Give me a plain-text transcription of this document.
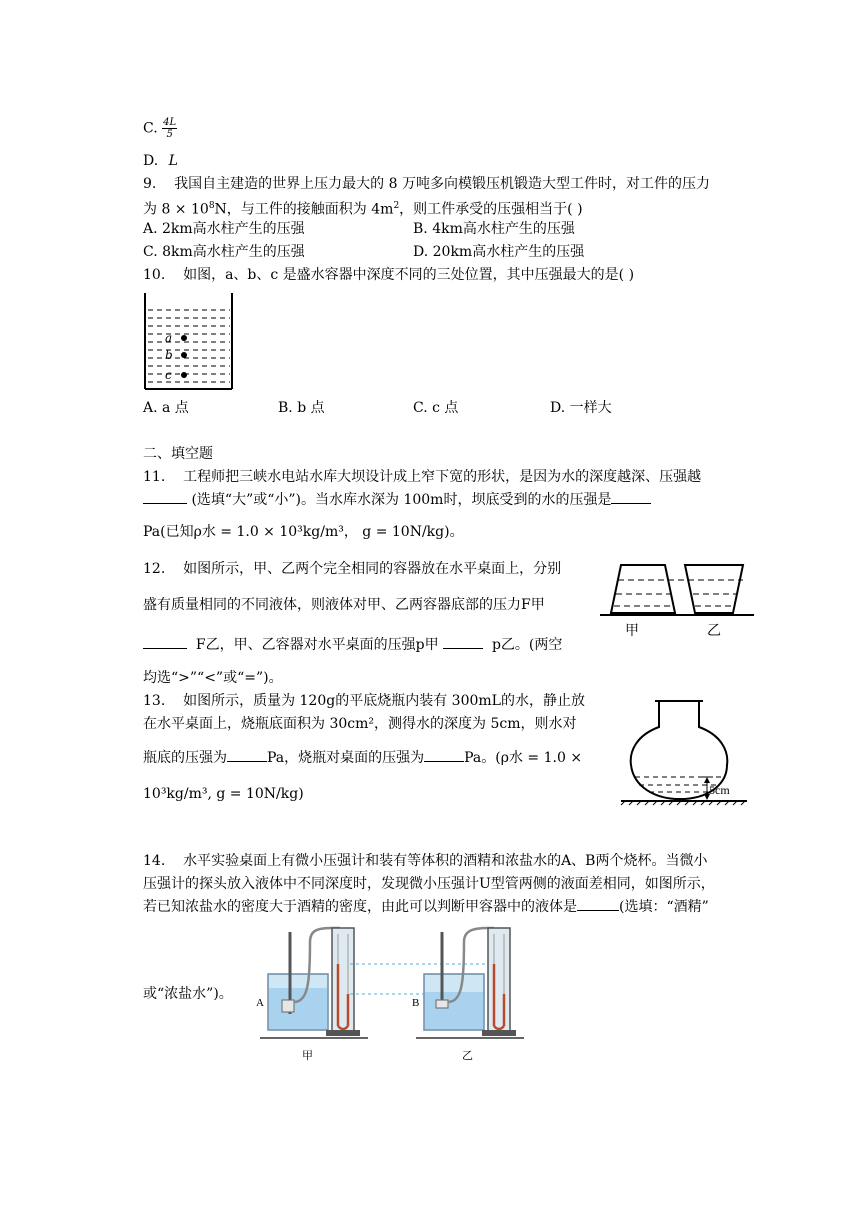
C. $\frac{4L}{5}$
D. L
9. 我国自主建造的世界上压力最大的 8 万吨多向模锻压机锻造大型工件时，对工件的压力
为 $8 \times 10^8N$，与工件的接触面积为 $4m^2$，则工件承受的压强相当于( )
A. 2km高水柱产生的压强	B. 4km高水柱产生的压强
C. 8km高水柱产生的压强	D. 20km高水柱产生的压强
10. 如图，a、b、c 是盛水容器中深度不同的三处位置，其中压强最大的是( )
a
b
c
A. a 点	B. b 点	C. c 点	D. 一样大
二、填空题
11. 工程师把三峡水电站水库大坝设计成上窄下宽的形状，是因为水的深度越深、压强越
(选填“大”或“小”)。当水库水深为 100m时，坝底受到的水的压强是
Pa(已知ρ水 = 1.0 × 10³kg/m³， g = 10N/kg)。
12. 如图所示，甲、乙两个完全相同的容器放在水平桌面上，分别
盛有质量相同的不同液体，则液体对甲、乙两容器底部的压力F甲
F乙，甲、乙容器对水平桌面的压强p甲	p乙。(两空
均选“>”“<”或“=”)。
甲	乙
13. 如图所示，质量为 120g的平底烧瓶内装有 300mL的水，静止放
在水平桌面上，烧瓶底面积为 30cm²，测得水的深度为 5cm，则水对
瓶底的压强为	Pa，烧瓶对桌面的压强为	Pa。(ρ水 = 1.0 ×
10³kg/m³, g = 10N/kg)	5cm
14. 水平实验桌面上有微小压强计和装有等体积的酒精和浓盐水的A、B两个烧杯。当微小
压强计的探头放入液体中不同深度时，发现微小压强计U型管两侧的液面差相同，如图所示，
若已知浓盐水的密度大于酒精的密度，由此可以判断甲容器中的液体是	(选填：“酒精”
或“浓盐水”)。
A
甲
B
乙
